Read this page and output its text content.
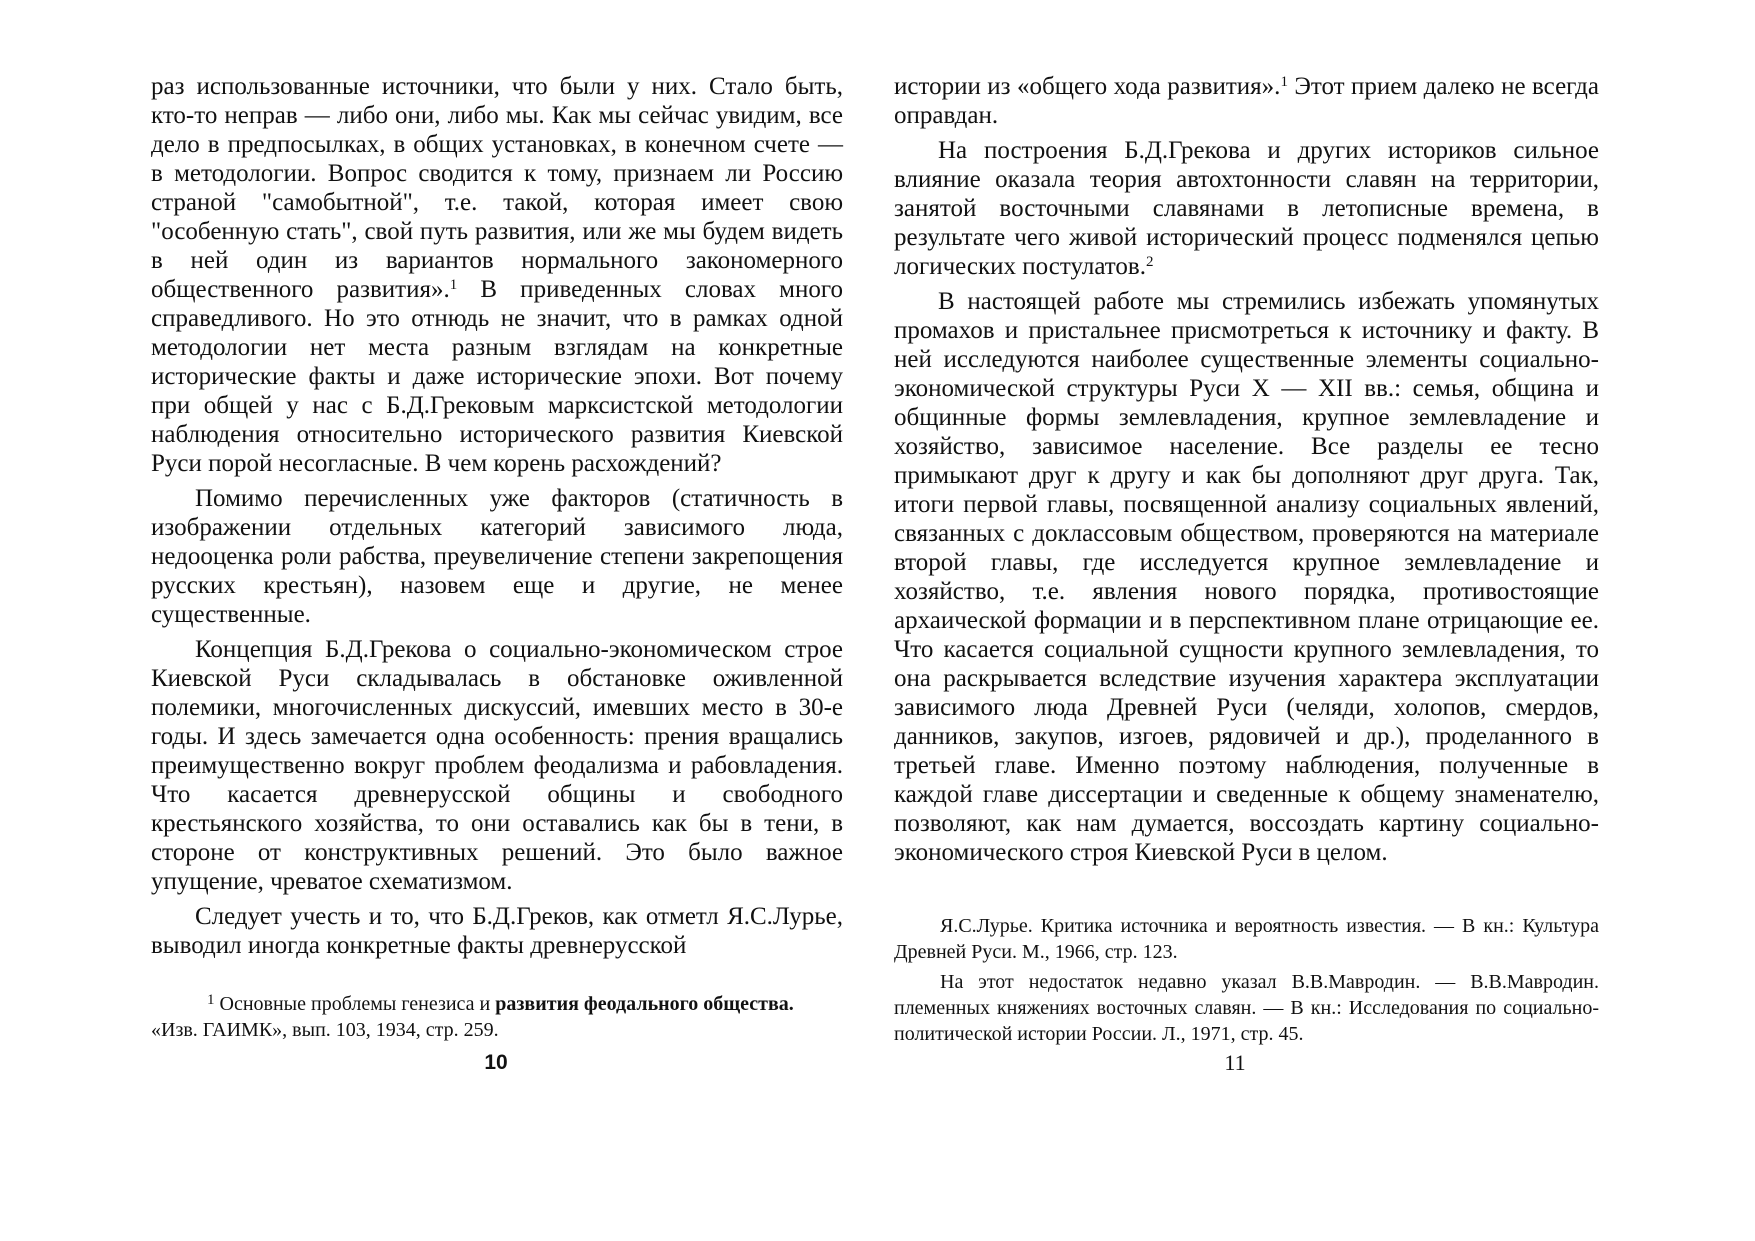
раз использованные источники, что были у них. Стало быть, кто-то неправ — либо они, либо мы. Как мы сейчас увидим, все дело в предпосылках, в общих установках, в конечном счете — в методологии. Вопрос сводится к тому, признаем ли Россию страной "самобытной", т.е. такой, которая имеет свою "особенную стать", свой путь развития, или же мы будем видеть в ней один из вариантов нормального закономерного общественного развития».$^1$ В приведенных словах много справедливого. Но это отнюдь не значит, что в рамках одной методологии нет места разным взглядам на конкретные исторические факты и даже исторические эпохи. Вот почему при общей у нас с Б.Д.Грековым марксистской методологии наблюдения относительно исторического развития Киевской Руси порой несогласные. В чем корень расхождений?

Помимо перечисленных уже факторов (статичность в изображении отдельных категорий зависимого люда, недооценка роли рабства, преувеличение степени закрепощения русских крестьян), назовем еще и другие, не менее существенные.

Концепция Б.Д.Грекова о социально-экономическом строе Киевской Руси складывалась в обстановке оживленной полемики, многочисленных дискуссий, имевших место в 30-е годы. И здесь замечается одна особенность: прения вращались преимущественно вокруг проблем феодализма и рабовладения. Что касается древнерусской общины и свободного крестьянского хозяйства, то они оставались как бы в тени, в стороне от конструктивных решений. Это было важное упущение, чреватое схематизмом.

Следует учесть и то, что Б.Д.Греков, как отметл Я.С.Лурье, выводил иногда конкретные факты древнерусской

$^1$ Основные проблемы генезиса и развития феодального общества.

«Изв. ГАИМК», вып. 103, 1934, стр. 259.

10

истории из «общего хода развития».$^1$ Этот прием далеко не всегда оправдан.

На построения Б.Д.Грекова и других историков сильное влияние оказала теория автохтонности славян на территории, занятой восточными славянами в летописные времена, в результате чего живой исторический процесс подменялся цепью логических постулатов.$^2$

В настоящей работе мы стремились избежать упомянутых промахов и пристальнее присмотреться к источнику и факту. В ней исследуются наиболее существенные элементы социально-экономической структуры Руси X — XII вв.: семья, община и общинные формы землевладения, крупное землевладение и хозяйство, зависимое население. Все разделы ее тесно примыкают друг к другу и как бы дополняют друг друга. Так, итоги первой главы, посвященной анализу социальных явлений, связанных с доклассовым обществом, проверяются на материале второй главы, где исследуется крупное землевладение и хозяйство, т.е. явления нового порядка, противостоящие архаической формации и в перспективном плане отрицающие ее. Что касается социальной сущности крупного землевладения, то она раскрывается вследствие изучения характера эксплуатации зависимого люда Древней Руси (челяди, холопов, смердов, данников, закупов, изгоев, рядовичей и др.), проделанного в третьей главе. Именно поэтому наблюдения, полученные в каждой главе диссертации и сведенные к общему знаменателю, позволяют, как нам думается, воссоздать картину социально-экономического строя Киевской Руси в целом.

Я.С.Лурье. Критика источника и вероятность известия. — В кн.: Культура Древней Руси. М., 1966, стр. 123.

На этот недостаток недавно указал В.В.Мавродин. — В.В.Мавродин. племенных княжениях восточных славян. — В кн.: Исследования по социально-политической истории России. Л., 1971, стр. 45.

11
